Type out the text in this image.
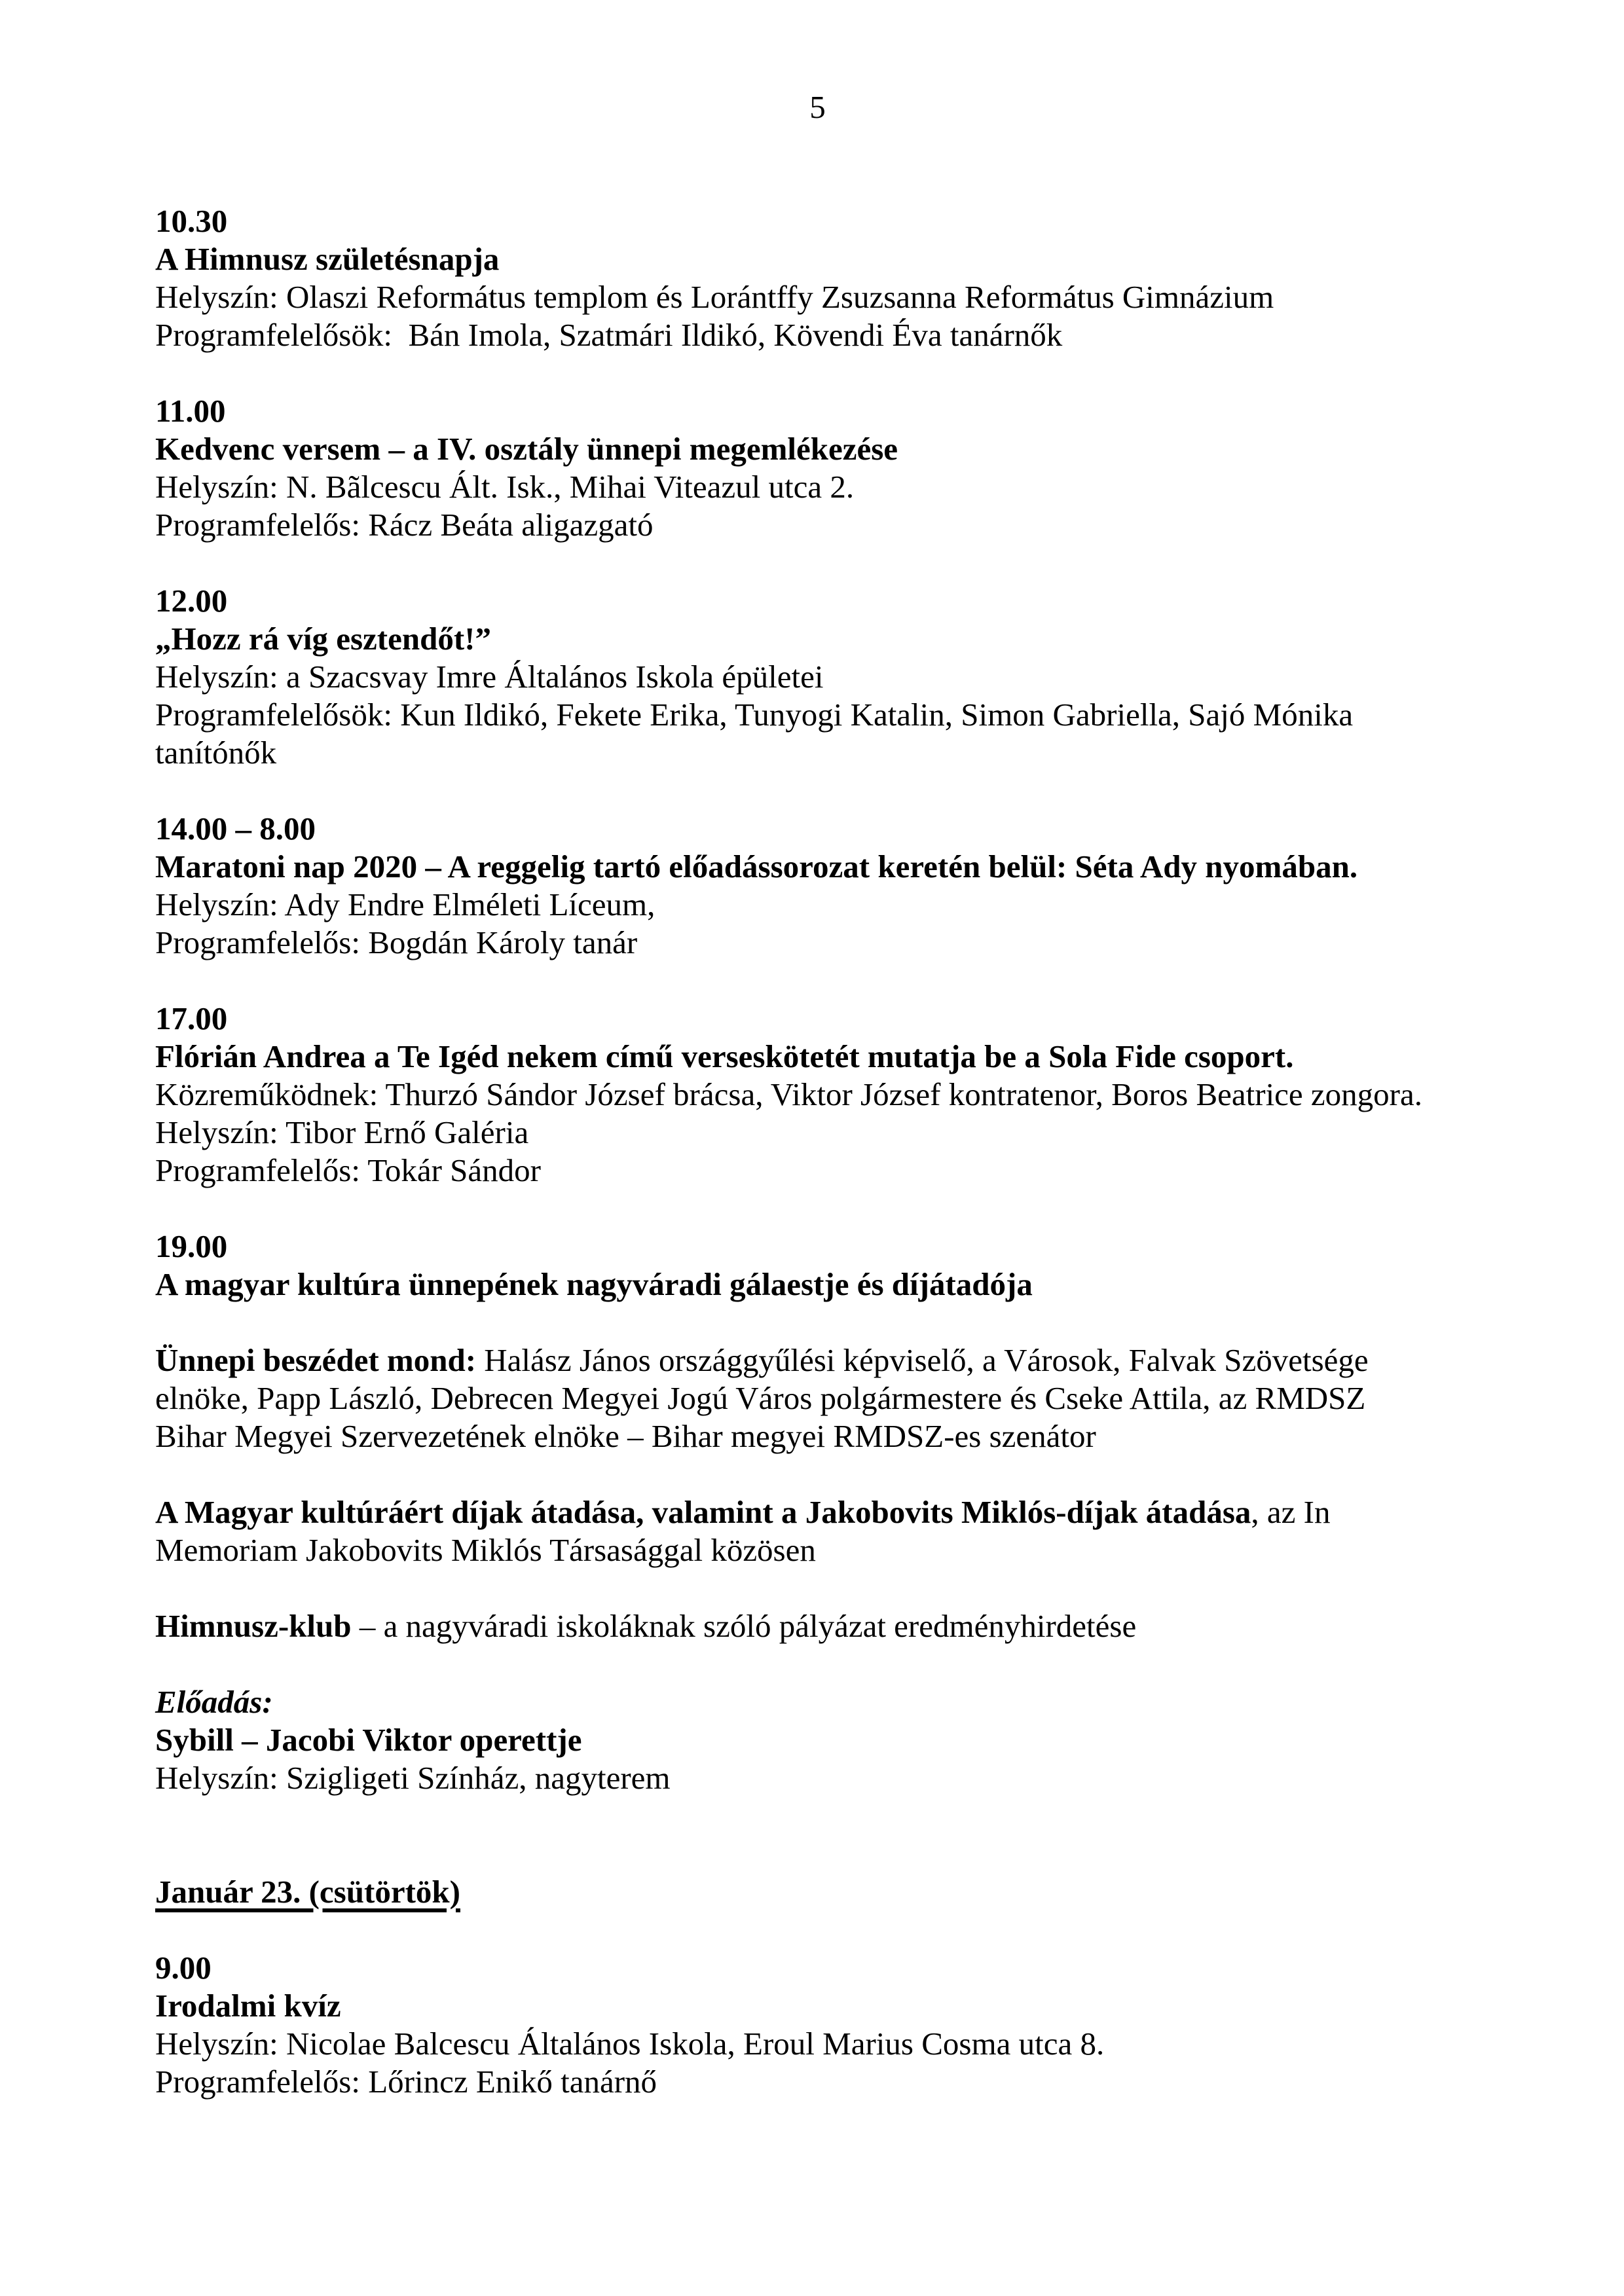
5
10.30
A Himnusz születésnapja
Helyszín: Olaszi Református templom és Lorántffy Zsuzsanna Református Gimnázium
Programfelelősök:  Bán Imola, Szatmári Ildikó, Kövendi Éva tanárnők
11.00
Kedvenc versem – a IV. osztály ünnepi megemlékezése
Helyszín: N. Bãlcescu Ált. Isk., Mihai Viteazul utca 2.
Programfelelős: Rácz Beáta aligazgató
12.00
„Hozz rá víg esztendőt!”
Helyszín: a Szacsvay Imre Általános Iskola épületei
Programfelelősök: Kun Ildikó, Fekete Erika, Tunyogi Katalin, Simon Gabriella, Sajó Mónika
tanítónők
14.00 – 8.00
Maratoni nap 2020 – A reggelig tartó előadássorozat keretén belül: Séta Ady nyomában.
Helyszín: Ady Endre Elméleti Líceum,
Programfelelős: Bogdán Károly tanár
17.00
Flórián Andrea a Te Igéd nekem című verseskötetét mutatja be a Sola Fide csoport.
Közreműködnek: Thurzó Sándor József brácsa, Viktor József kontratenor, Boros Beatrice zongora.
Helyszín: Tibor Ernő Galéria
Programfelelős: Tokár Sándor
19.00
A magyar kultúra ünnepének nagyváradi gálaestje és díjátadója
Ünnepi beszédet mond: Halász János országgyűlési képviselő, a Városok, Falvak Szövetsége
elnöke, Papp László, Debrecen Megyei Jogú Város polgármestere és Cseke Attila, az RMDSZ
Bihar Megyei Szervezetének elnöke – Bihar megyei RMDSZ-es szenátor
A Magyar kultúráért díjak átadása, valamint a Jakobovits Miklós-díjak átadása, az In
Memoriam Jakobovits Miklós Társasággal közösen
Himnusz-klub – a nagyváradi iskoláknak szóló pályázat eredményhirdetése
Előadás:
Sybill – Jacobi Viktor operettje
Helyszín: Szigligeti Színház, nagyterem
Január 23. (csütörtök)
9.00
Irodalmi kvíz
Helyszín: Nicolae Balcescu Általános Iskola, Eroul Marius Cosma utca 8.
Programfelelős: Lőrincz Enikő tanárnő
